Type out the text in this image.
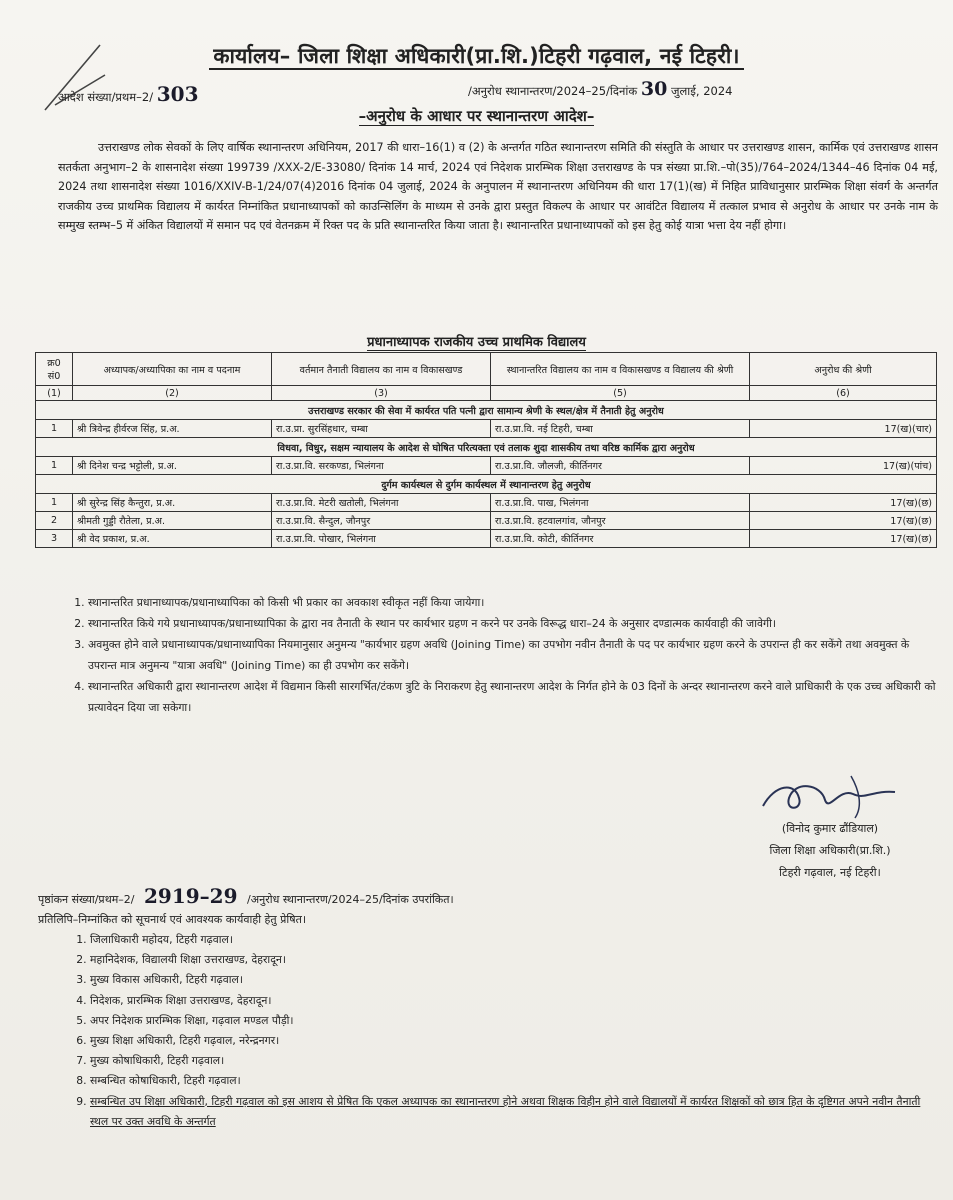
कार्यालय– जिला शिक्षा अधिकारी(प्रा.शि.)टिहरी गढ़वाल, नई टिहरी।
आदेश संख्या/प्रथम–2/ 303	/अनुरोध स्थानान्तरण/2024–25/दिनांक 30 जुलाई, 2024
–अनुरोध के आधार पर स्थानान्तरण आदेश–
उत्तराखण्ड लोक सेवकों के लिए वार्षिक स्थानान्तरण अधिनियम, 2017 की धारा–16(1) व (2) के अन्तर्गत गठित स्थानान्तरण समिति की संस्तुति के आधार पर उत्तराखण्ड शासन, कार्मिक एवं उत्तराखण्ड शासन सतर्कता अनुभाग–2 के शासनादेश संख्या 199739 /XXX-2/E-33080/ दिनांक 14 मार्च, 2024 एवं निदेशक प्रारम्भिक शिक्षा उत्तराखण्ड के पत्र संख्या प्रा.शि.–पो(35)/764–2024/1344–46 दिनांक 04 मई, 2024 तथा शासनादेश संख्या 1016/XXIV-B-1/24/07(4)2016 दिनांक 04 जुलाई, 2024 के अनुपालन में स्थानान्तरण अधिनियम की धारा 17(1)(ख) में निहित प्राविधानुसार प्रारम्भिक शिक्षा संवर्ग के अन्तर्गत राजकीय उच्च प्राथमिक विद्यालय में कार्यरत निम्नांकित प्रधानाध्यापकों को काउन्सिलिंग के माध्यम से उनके द्वारा प्रस्तुत विकल्प के आधार पर आवंटित विद्यालय में तत्काल प्रभाव से अनुरोध के आधार पर उनके नाम के सम्मुख स्तम्भ–5 में अंकित विद्यालयों में समान पद एवं वेतनक्रम में रिक्त पद के प्रति स्थानान्तरित किया जाता है। स्थानान्तरित प्रधानाध्यापकों को इस हेतु कोई यात्रा भत्ता देय नहीं होगा।
प्रधानाध्यापक राजकीय उच्च प्राथमिक विद्यालय
क्र0 सं0	अध्यापक/अध्यापिका का नाम व पदनाम	वर्तमान तैनाती विद्यालय का नाम व विकासखण्ड	स्थानान्तरित विद्यालय का नाम व विकासखण्ड व विद्यालय की श्रेणी	अनुरोध की श्रेणी
(1)	(2)	(3)	(5)	(6)
उत्तराखण्ड सरकार की सेवा में कार्यरत पति पत्नी द्वारा सामान्य श्रेणी के स्थल/क्षेत्र में तैनाती हेतु अनुरोध				
1	श्री त्रिवेन्द्र हीर्वरज सिंह, प्र.अ.	रा.उ.प्रा. सुरसिंहधार, चम्बा	रा.उ.प्रा.वि. नई टिहरी, चम्बा	17(ख)(चार)
विधवा, विधुर, सक्षम न्यायालय के आदेश से घोषित परित्यक्ता एवं तलाक शुदा शासकीय तथा वरिष्ठ कार्मिक द्वारा अनुरोध				
1	श्री दिनेश चन्द्र भट्टोली, प्र.अ.	रा.उ.प्रा.वि. सरकण्डा, भिलंगना	रा.उ.प्रा.वि. जौलजी, कीर्तिनगर	17(ख)(पांच)
दुर्गम कार्यस्थल से दुर्गम कार्यस्थल में स्थानान्तरण हेतु अनुरोध				
1	श्री सुरेन्द्र सिंह कैन्तुरा, प्र.अ.	रा.उ.प्रा.वि. मेटरी खतोली, भिलंगना	रा.उ.प्रा.वि. पाख, भिलंगना	17(ख)(छ)
2	श्रीमती गुड्डी रौतेला, प्र.अ.	रा.उ.प्रा.वि. सैन्दुल, जौनपुर	रा.उ.प्रा.वि. हटवालगांव, जौनपुर	17(ख)(छ)
3	श्री वेद प्रकाश, प्र.अ.	रा.उ.प्रा.वि. पोखार, भिलंगना	रा.उ.प्रा.वि. कोटी, कीर्तिनगर	17(ख)(छ)
1. स्थानान्तरित प्रधानाध्यापक/प्रधानाध्यापिका को किसी भी प्रकार का अवकाश स्वीकृत नहीं किया जायेगा।
2. स्थानान्तरित किये गये प्रधानाध्यापक/प्रधानाध्यापिका के द्वारा नव तैनाती के स्थान पर कार्यभार ग्रहण न करने पर उनके विरूद्ध धारा–24 के अनुसार दण्डात्मक कार्यवाही की जावेगी।
3. अवमुक्त होने वाले प्रधानाध्यापक/प्रधानाध्यापिका नियमानुसार अनुमन्य "कार्यभार ग्रहण अवधि (Joining Time) का उपभोग नवीन तैनाती के पद पर कार्यभार ग्रहण करने के उपरान्त ही कर सकेंगे तथा अवमुक्त के उपरान्त मात्र अनुमन्य "यात्रा अवधि" (Joining Time) का ही उपभोग कर सकेंगे।
4. स्थानान्तरित अधिकारी द्वारा स्थानान्तरण आदेश में विद्यमान किसी सारगर्भित/टंकण त्रुटि के निराकरण हेतु स्थानान्तरण आदेश के निर्गत होने के 03 दिनों के अन्दर स्थानान्तरण करने वाले प्राधिकारी के एक उच्च अधिकारी को प्रत्यावेदन दिया जा सकेगा।
(विनोद कुमार ढौंडियाल)
जिला शिक्षा अधिकारी(प्रा.शि.)
टिहरी गढ़वाल, नई टिहरी।
पृष्ठांकन संख्या/प्रथम–2/ 2919–29 /अनुरोध स्थानान्तरण/2024–25/दिनांक उपरांकित।
प्रतिलिपि–निम्नांकित को सूचनार्थ एवं आवश्यक कार्यवाही हेतु प्रेषित।
1. जिलाधिकारी महोदय, टिहरी गढ़वाल।
2. महानिदेशक, विद्यालयी शिक्षा उत्तराखण्ड, देहरादून।
3. मुख्य विकास अधिकारी, टिहरी गढ़वाल।
4. निदेशक, प्रारम्भिक शिक्षा उत्तराखण्ड, देहरादून।
5. अपर निदेशक प्रारम्भिक शिक्षा, गढ़वाल मण्डल पौड़ी।
6. मुख्य शिक्षा अधिकारी, टिहरी गढ़वाल, नरेन्द्रनगर।
7. मुख्य कोषाधिकारी, टिहरी गढ़वाल।
8. सम्बन्धित कोषाधिकारी, टिहरी गढ़वाल।
9. सम्बन्धित उप शिक्षा अधिकारी, टिहरी गढ़वाल को इस आशय से प्रेषित कि एकल अध्यापक का स्थानान्तरण होने अथवा शिक्षक विहीन होने वाले विद्यालयों में कार्यरत शिक्षकों को छात्र हित के दृष्टिगत अपने नवीन तैनाती स्थल पर उक्त अवधि के अन्तर्गत
